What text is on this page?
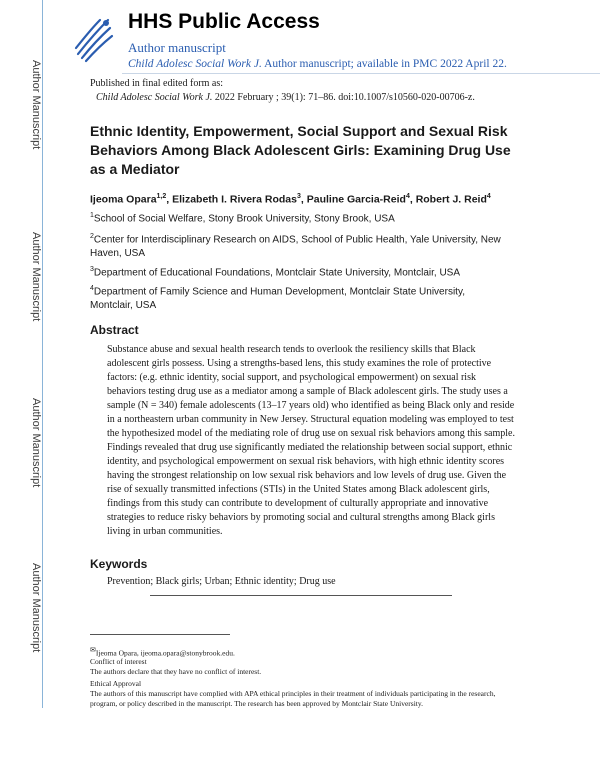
Author Manuscript
Author Manuscript
Author Manuscript
Author Manuscript
HHS Public Access
Author manuscript
Child Adolesc Social Work J. Author manuscript; available in PMC 2022 April 22.
Published in final edited form as:
Child Adolesc Social Work J. 2022 February ; 39(1): 71–86. doi:10.1007/s10560-020-00706-z.
Ethnic Identity, Empowerment, Social Support and Sexual Risk Behaviors Among Black Adolescent Girls: Examining Drug Use as a Mediator
Ijeoma Opara$^{1,2}$, Elizabeth I. Rivera Rodas$^3$, Pauline Garcia-Reid$^4$, Robert J. Reid$^4$
$^1$School of Social Welfare, Stony Brook University, Stony Brook, USA
$^2$Center for Interdisciplinary Research on AIDS, School of Public Health, Yale University, New Haven, USA
$^3$Department of Educational Foundations, Montclair State University, Montclair, USA
$^4$Department of Family Science and Human Development, Montclair State University, Montclair, USA
Abstract

Substance abuse and sexual health research tends to overlook the resiliency skills that Black adolescent girls possess. Using a strengths-based lens, this study examines the role of protective factors: (e.g. ethnic identity, social support, and psychological empowerment) on sexual risk behaviors testing drug use as a mediator among a sample of Black adolescent girls. The study uses a sample (N = 340) female adolescents (13–17 years old) who identified as being Black only and reside in a northeastern urban community in New Jersey. Structural equation modeling was employed to test the hypothesized model of the mediating role of drug use on sexual risk behaviors among this sample. Findings revealed that drug use significantly mediated the relationship between social support, ethnic identity, and psychological empowerment on sexual risk behaviors, with high ethnic identity scores having the strongest relationship on low sexual risk behaviors and low levels of drug use. Given the rise of sexually transmitted infections (STIs) in the United States among Black adolescent girls, findings from this study can contribute to development of culturally appropriate and innovative strategies to reduce risky behaviors by promoting social and cultural strengths among Black girls living in urban communities.

Keywords
Prevention; Black girls; Urban; Ethnic identity; Drug use
✉Ijeoma Opara, ijeoma.opara@stonybrook.edu.
Conflict of interest
The authors declare that they have no conflict of interest.
Ethical Approval
The authors of this manuscript have complied with APA ethical principles in their treatment of individuals participating in the research, program, or policy described in the manuscript. The research has been approved by Montclair State University.
